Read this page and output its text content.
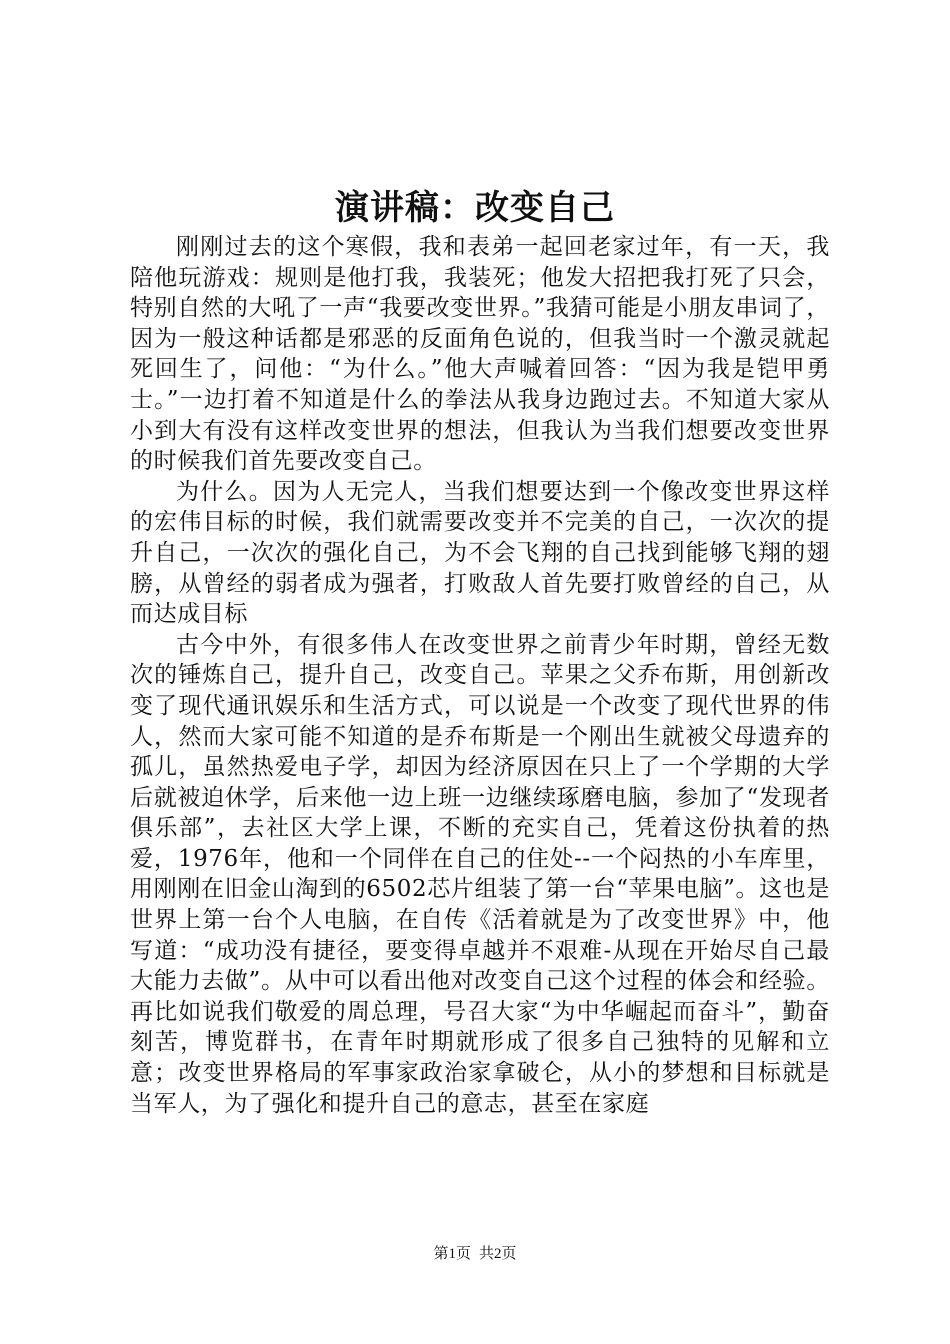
演讲稿：改变自己

刚刚过去的这个寒假，我和表弟一起回老家过年，有一天，我陪他玩游戏：规则是他打我，我装死；他发大招把我打死了只会，特别自然的大吼了一声“我要改变世界。”我猜可能是小朋友串词了，因为一般这种话都是邪恶的反面角色说的，但我当时一个激灵就起死回生了，问他：“为什么。”他大声喊着回答：“因为我是铠甲勇士。”一边打着不知道是什么的拳法从我身边跑过去。不知道大家从小到大有没有这样改变世界的想法，但我认为当我们想要改变世界的时候我们首先要改变自己。

为什么。因为人无完人，当我们想要达到一个像改变世界这样的宏伟目标的时候，我们就需要改变并不完美的自己，一次次的提升自己，一次次的强化自己，为不会飞翔的自己找到能够飞翔的翅膀，从曾经的弱者成为强者，打败敌人首先要打败曾经的自己，从而达成目标

古今中外，有很多伟人在改变世界之前青少年时期，曾经无数次的锤炼自己，提升自己，改变自己。苹果之父乔布斯，用创新改变了现代通讯娱乐和生活方式，可以说是一个改变了现代世界的伟人，然而大家可能不知道的是乔布斯是一个刚出生就被父母遗弃的孤儿，虽然热爱电子学，却因为经济原因在只上了一个学期的大学后就被迫休学，后来他一边上班一边继续琢磨电脑，参加了“发现者俱乐部”，去社区大学上课，不断的充实自己，凭着这份执着的热爱，1976年，他和一个同伴在自己的住处--一个闷热的小车库里，用刚刚在旧金山淘到的6502芯片组装了第一台“苹果电脑”。这也是世界上第一台个人电脑，在自传《活着就是为了改变世界》中，他写道：“成功没有捷径，要变得卓越并不艰难-从现在开始尽自己最大能力去做”。从中可以看出他对改变自己这个过程的体会和经验。再比如说我们敬爱的周总理，号召大家“为中华崛起而奋斗”，勤奋刻苦，博览群书，在青年时期就形成了很多自己独特的见解和立意；改变世界格局的军事家政治家拿破仑，从小的梦想和目标就是当军人，为了强化和提升自己的意志，甚至在家庭

第1页 共2页
